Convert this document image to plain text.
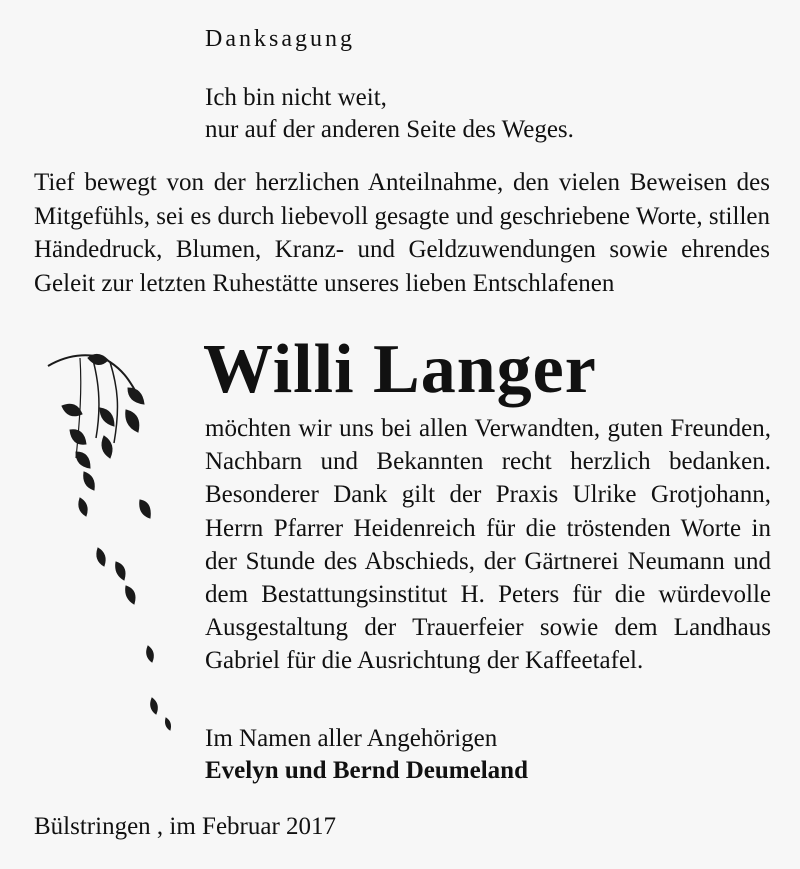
Danksagung
Ich bin nicht weit,
nur auf der anderen Seite des Weges.
Tief bewegt von der herzlichen Anteilnahme, den vielen Beweisen des Mitgefühls, sei es durch liebevoll gesagte und geschriebene Worte, stillen Händedruck, Blumen, Kranz- und Geldzuwendungen sowie ehrendes Geleit zur letzten Ruhestätte unseres lieben Entschlafenen
Willi Langer
möchten wir uns bei allen Verwandten, guten Freunden, Nachbarn und Bekannten recht herzlich bedanken. Besonderer Dank gilt der Praxis Ulrike Grotjohann, Herrn Pfarrer Heidenreich für die tröstenden Worte in der Stunde des Abschieds, der Gärtnerei Neumann und dem Bestattungsinstitut H. Peters für die würdevolle Ausgestaltung der Trauerfeier sowie dem Landhaus Gabriel für die Ausrichtung der Kaffeetafel.
Im Namen aller Angehörigen
Evelyn und Bernd Deumeland
Bülstringen , im Februar 2017
